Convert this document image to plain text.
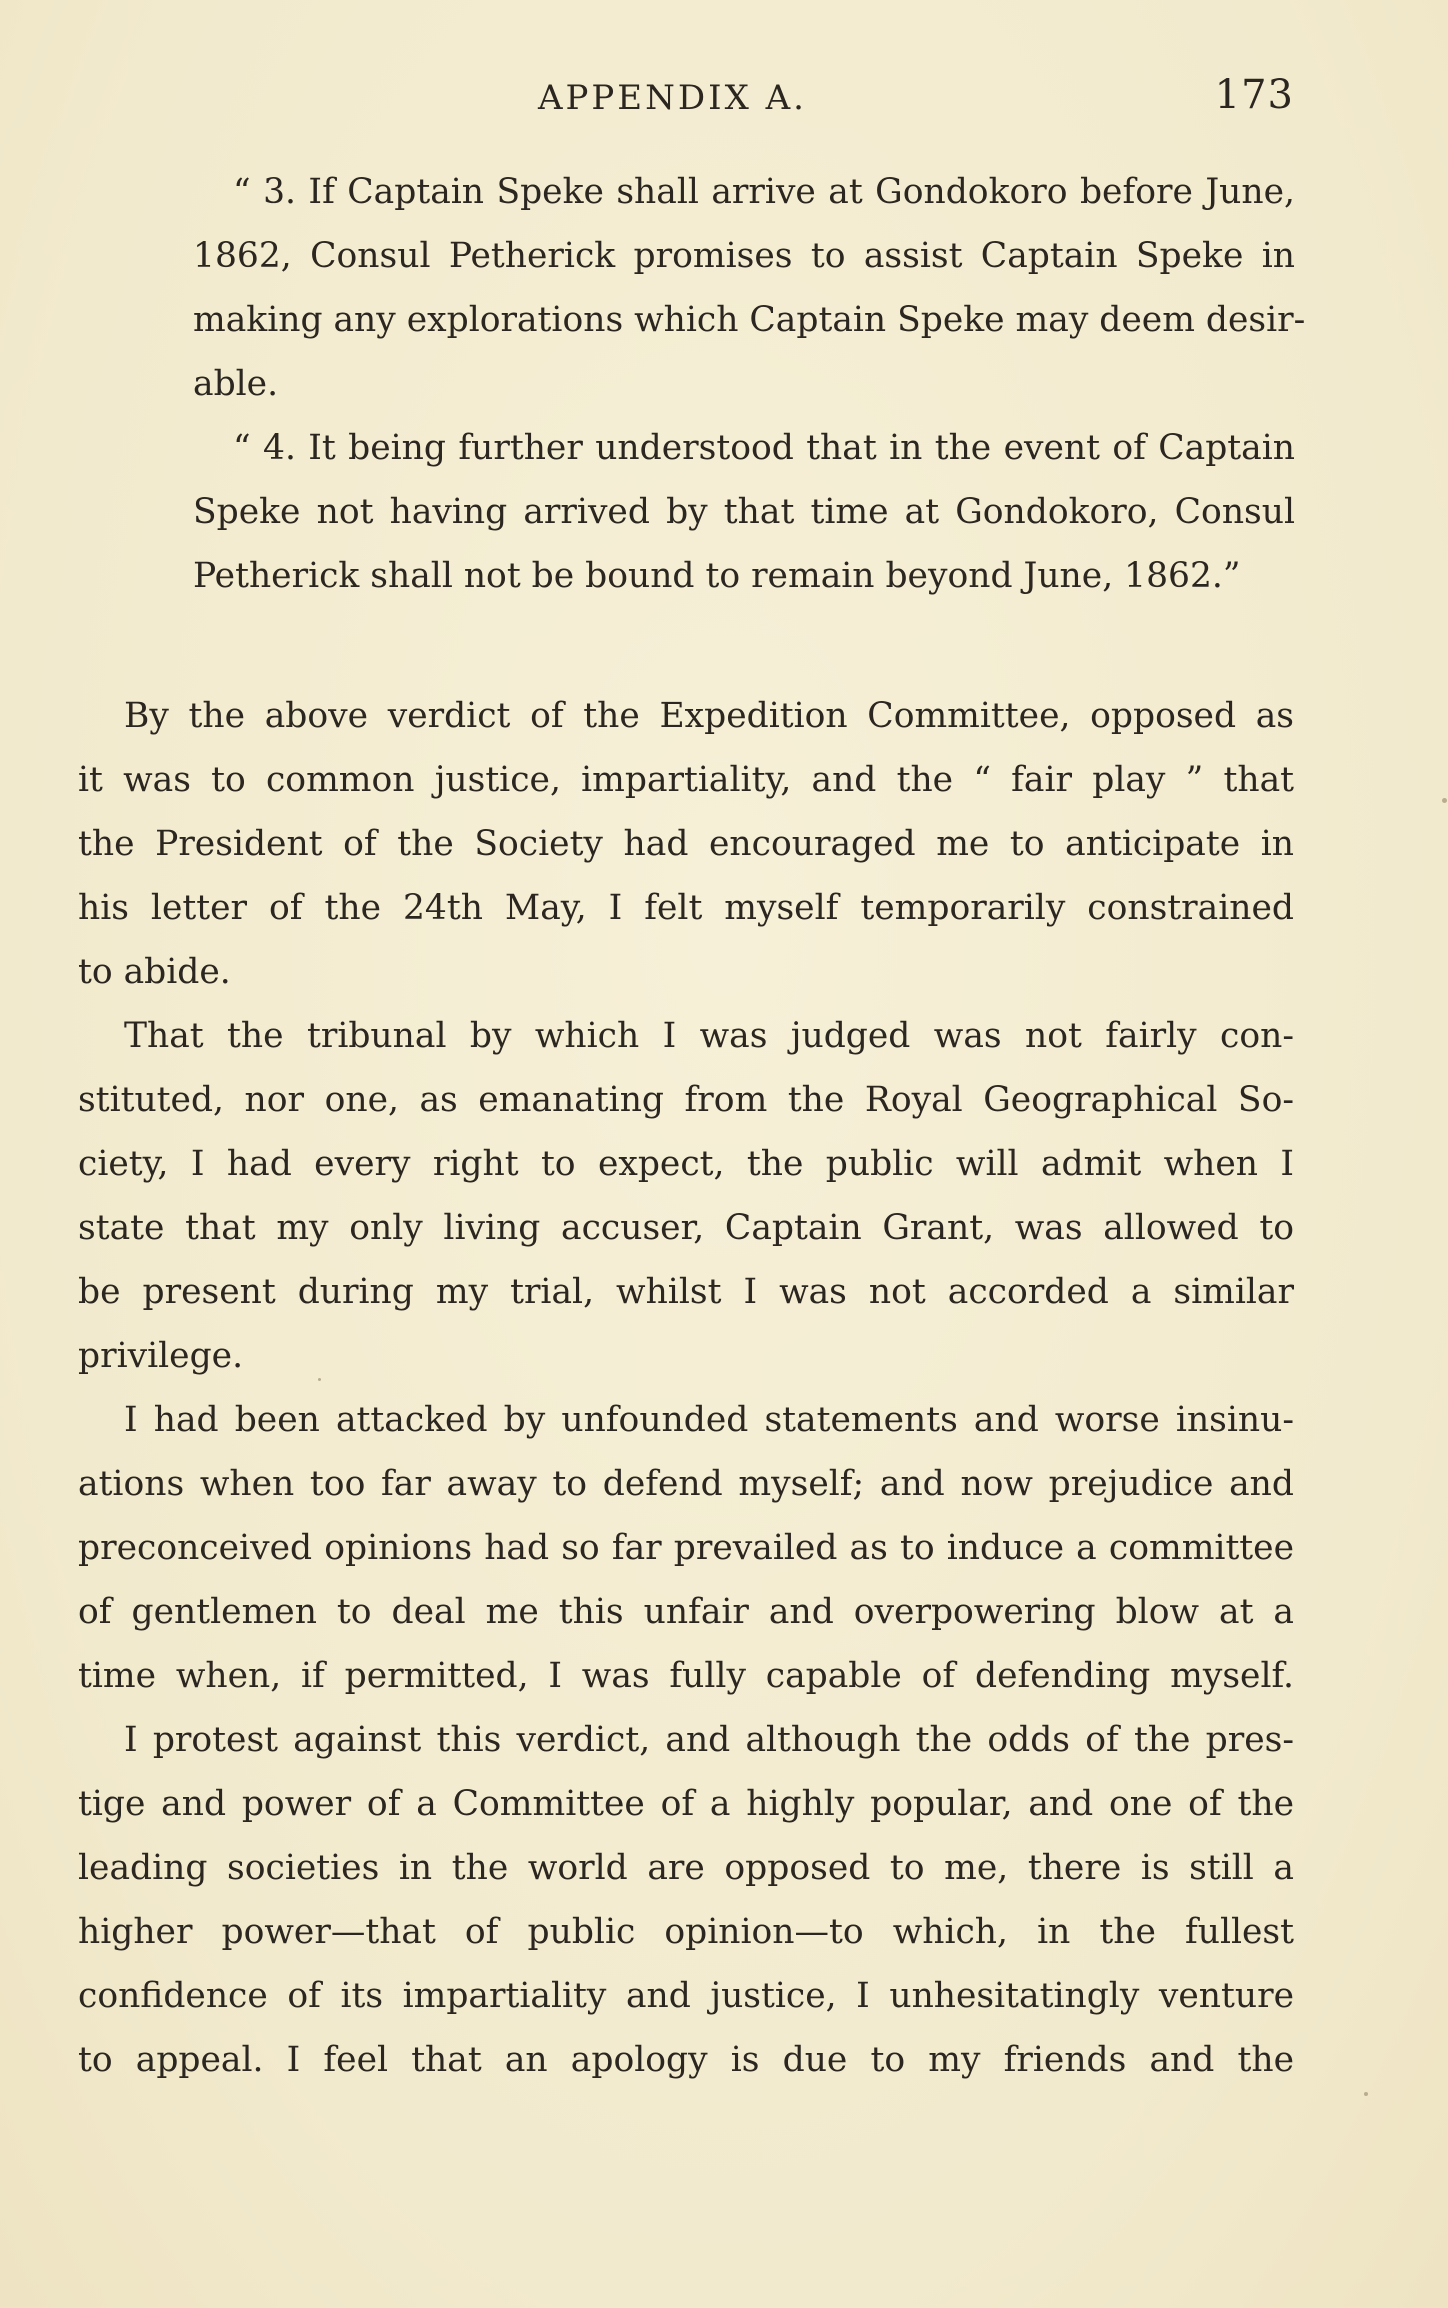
APPENDIX A.	173
“ 3. If Captain Speke shall arrive at Gondokoro before June,
1862, Consul Petherick promises to assist Captain Speke in
making any explorations which Captain Speke may deem desir-
able.
“ 4. It being further understood that in the event of Captain
Speke not having arrived by that time at Gondokoro, Consul
Petherick shall not be bound to remain beyond June, 1862.”
By the above verdict of the Expedition Committee, opposed as
it was to common justice, impartiality, and the “ fair play ” that
the President of the Society had encouraged me to anticipate in
his letter of the 24th May, I felt myself temporarily constrained
to abide.
That the tribunal by which I was judged was not fairly con-
stituted, nor one, as emanating from the Royal Geographical So-
ciety, I had every right to expect, the public will admit when I
state that my only living accuser, Captain Grant, was allowed to
be present during my trial, whilst I was not accorded a similar
privilege.
I had been attacked by unfounded statements and worse insinu-
ations when too far away to defend myself; and now prejudice and
preconceived opinions had so far prevailed as to induce a committee
of gentlemen to deal me this unfair and overpowering blow at a
time when, if permitted, I was fully capable of defending myself.
I protest against this verdict, and although the odds of the pres-
tige and power of a Committee of a highly popular, and one of the
leading societies in the world are opposed to me, there is still a
higher power—that of public opinion—to which, in the fullest
confidence of its impartiality and justice, I unhesitatingly venture
to appeal. I feel that an apology is due to my friends and the
